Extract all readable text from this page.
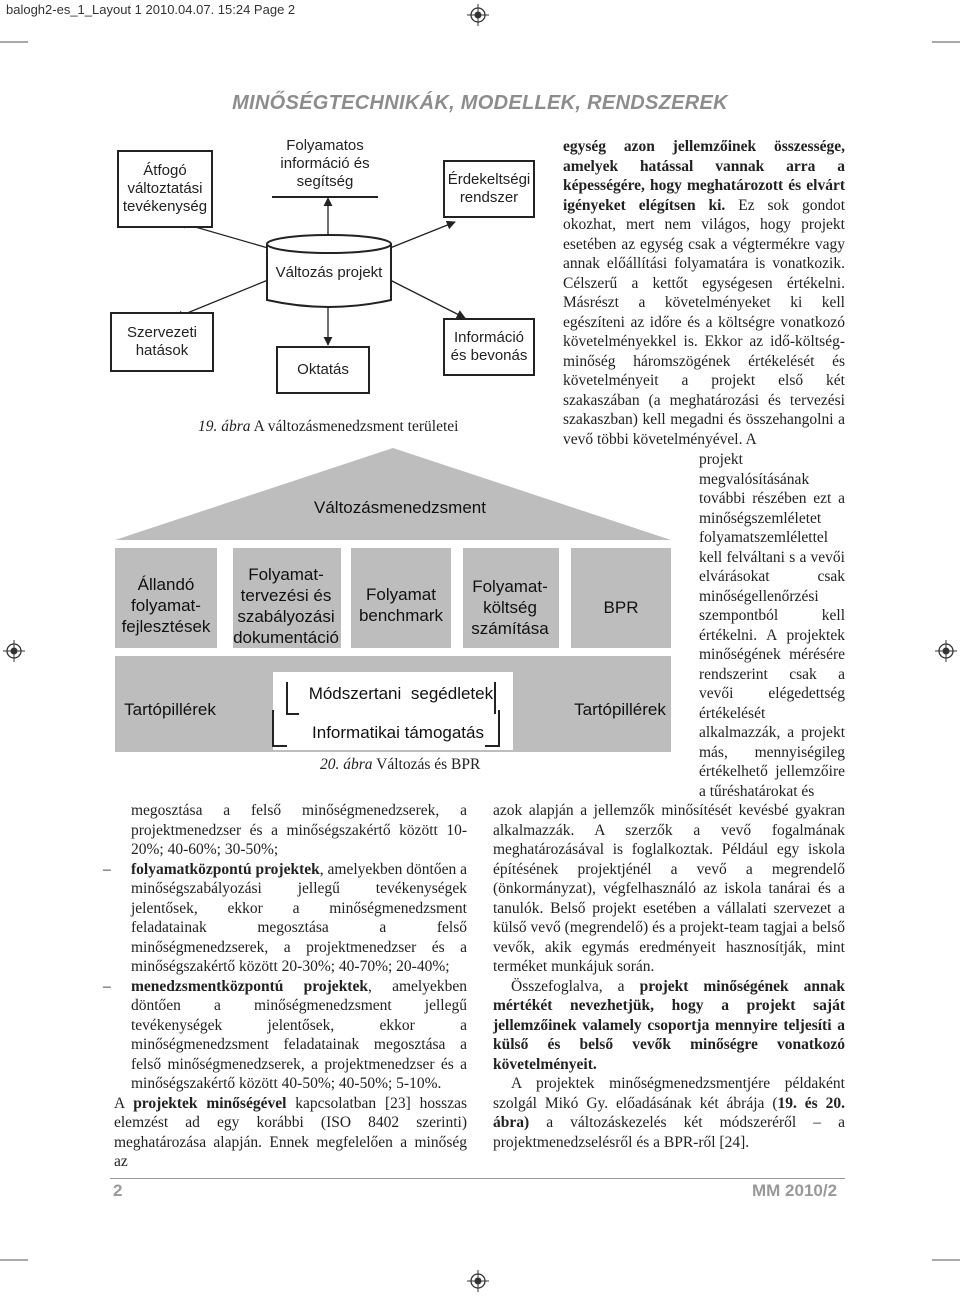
balogh2-es_1_Layout 1 2010.04.07. 15:24 Page 2
MINŐSÉGTECHNIKÁK, MODELLEK, RENDSZEREK
Átfogó
változtatási
tevékenység
Folyamatos
információ és
segítség	Érdekeltségi
rendszer
Változás projekt
Szervezeti
hatások
Információ
és bevonás
Oktatás
19. ábra A változásmenedzsment területei
Változásmenedzsment
Állandó
folyamat-
fejlesztések
Folyamat-
tervezési és
szabályozási
dokumentáció
Folyamat
benchmark
Folyamat-
költség
számítása
BPR
Tartópillérek	Tartópillérek
Módszertani segédletek
Informatikai támogatás
20. ábra Változás és BPR

egység azon jellemzőinek összessége, amelyek hatással vannak arra a képességére, hogy meghatározott és elvárt igényeket elégítsen ki. Ez sok gondot okozhat, mert nem világos, hogy projekt esetében az egység csak a végtermékre vagy annak előállítási folyamatára is vonatkozik. Célszerű a kettőt egységesen értékelni. Másrészt a követelményeket ki kell egészíteni az időre és a költségre vonatkozó követelményekkel is. Ekkor az idő-költség-minőség háromszögének értékelését és követelményeit a projekt első két szakaszában (a meghatározási és tervezési szakaszban) kell megadni és összehangolni a vevő többi követelményével. A

projekt megvalósításának további részében ezt a minőségszemléletet folyamatszemlélettel kell felváltani s a vevői elvárásokat csak minőségellenőrzési szempontból kell értékelni. A projektek minőségének mérésére rendszerint csak a vevői elégedettség értékelését alkalmazzák, a projekt más, mennyiségileg értékelhető jellemzőire a tűréshatárokat és

azok alapján a jellemzők minősítését kevésbé gyakran alkalmazzák. A szerzők a vevő fogalmának meghatározásával is foglalkoztak. Például egy iskola építésének projektjénél a vevő a megrendelő (önkormányzat), végfelhasználó az iskola tanárai és a tanulók. Belső projekt esetében a vállalati szervezet a külső vevő (megrendelő) és a projekt-team tagjai a belső vevők, akik egymás eredményeit hasznosítják, mint terméket munkájuk során.

Összefoglalva, a projekt minőségének annak mértékét nevezhetjük, hogy a projekt saját jellemzőinek valamely csoportja mennyire teljesíti a külső és belső vevők minőségre vonatkozó követelményeit.

A projektek minőségmenedzsmentjére példaként szolgál Mikó Gy. előadásának két ábrája (19. és 20. ábra) a változáskezelés két módszeréről – a projektmenedzselésről és a BPR-ről [24].

megosztása a felső minőségmenedzserek, a projektmenedzser és a minőségszakértő között 10-20%; 40-60%; 30-50%;

– folyamatközpontú projektek, amelyekben döntően a minőségszabályozási jellegű tevékenységek jelentősek, ekkor a minőségmenedzsment feladatainak megosztása a felső minőségmenedzserek, a projektmenedzser és a minőségszakértő között 20-30%; 40-70%; 20-40%;

– menedzsmentközpontú projektek, amelyekben döntően a minőségmenedzsment jellegű tevékenységek jelentősek, ekkor a minőségmenedzsment feladatainak megosztása a felső minőségmenedzserek, a projektmenedzser és a minőségszakértő között 40-50%; 40-50%; 5-10%.

A projektek minőségével kapcsolatban [23] hosszas elemzést ad egy korábbi (ISO 8402 szerinti) meghatározása alapján. Ennek megfelelően a minőség az

2	MM 2010/2
